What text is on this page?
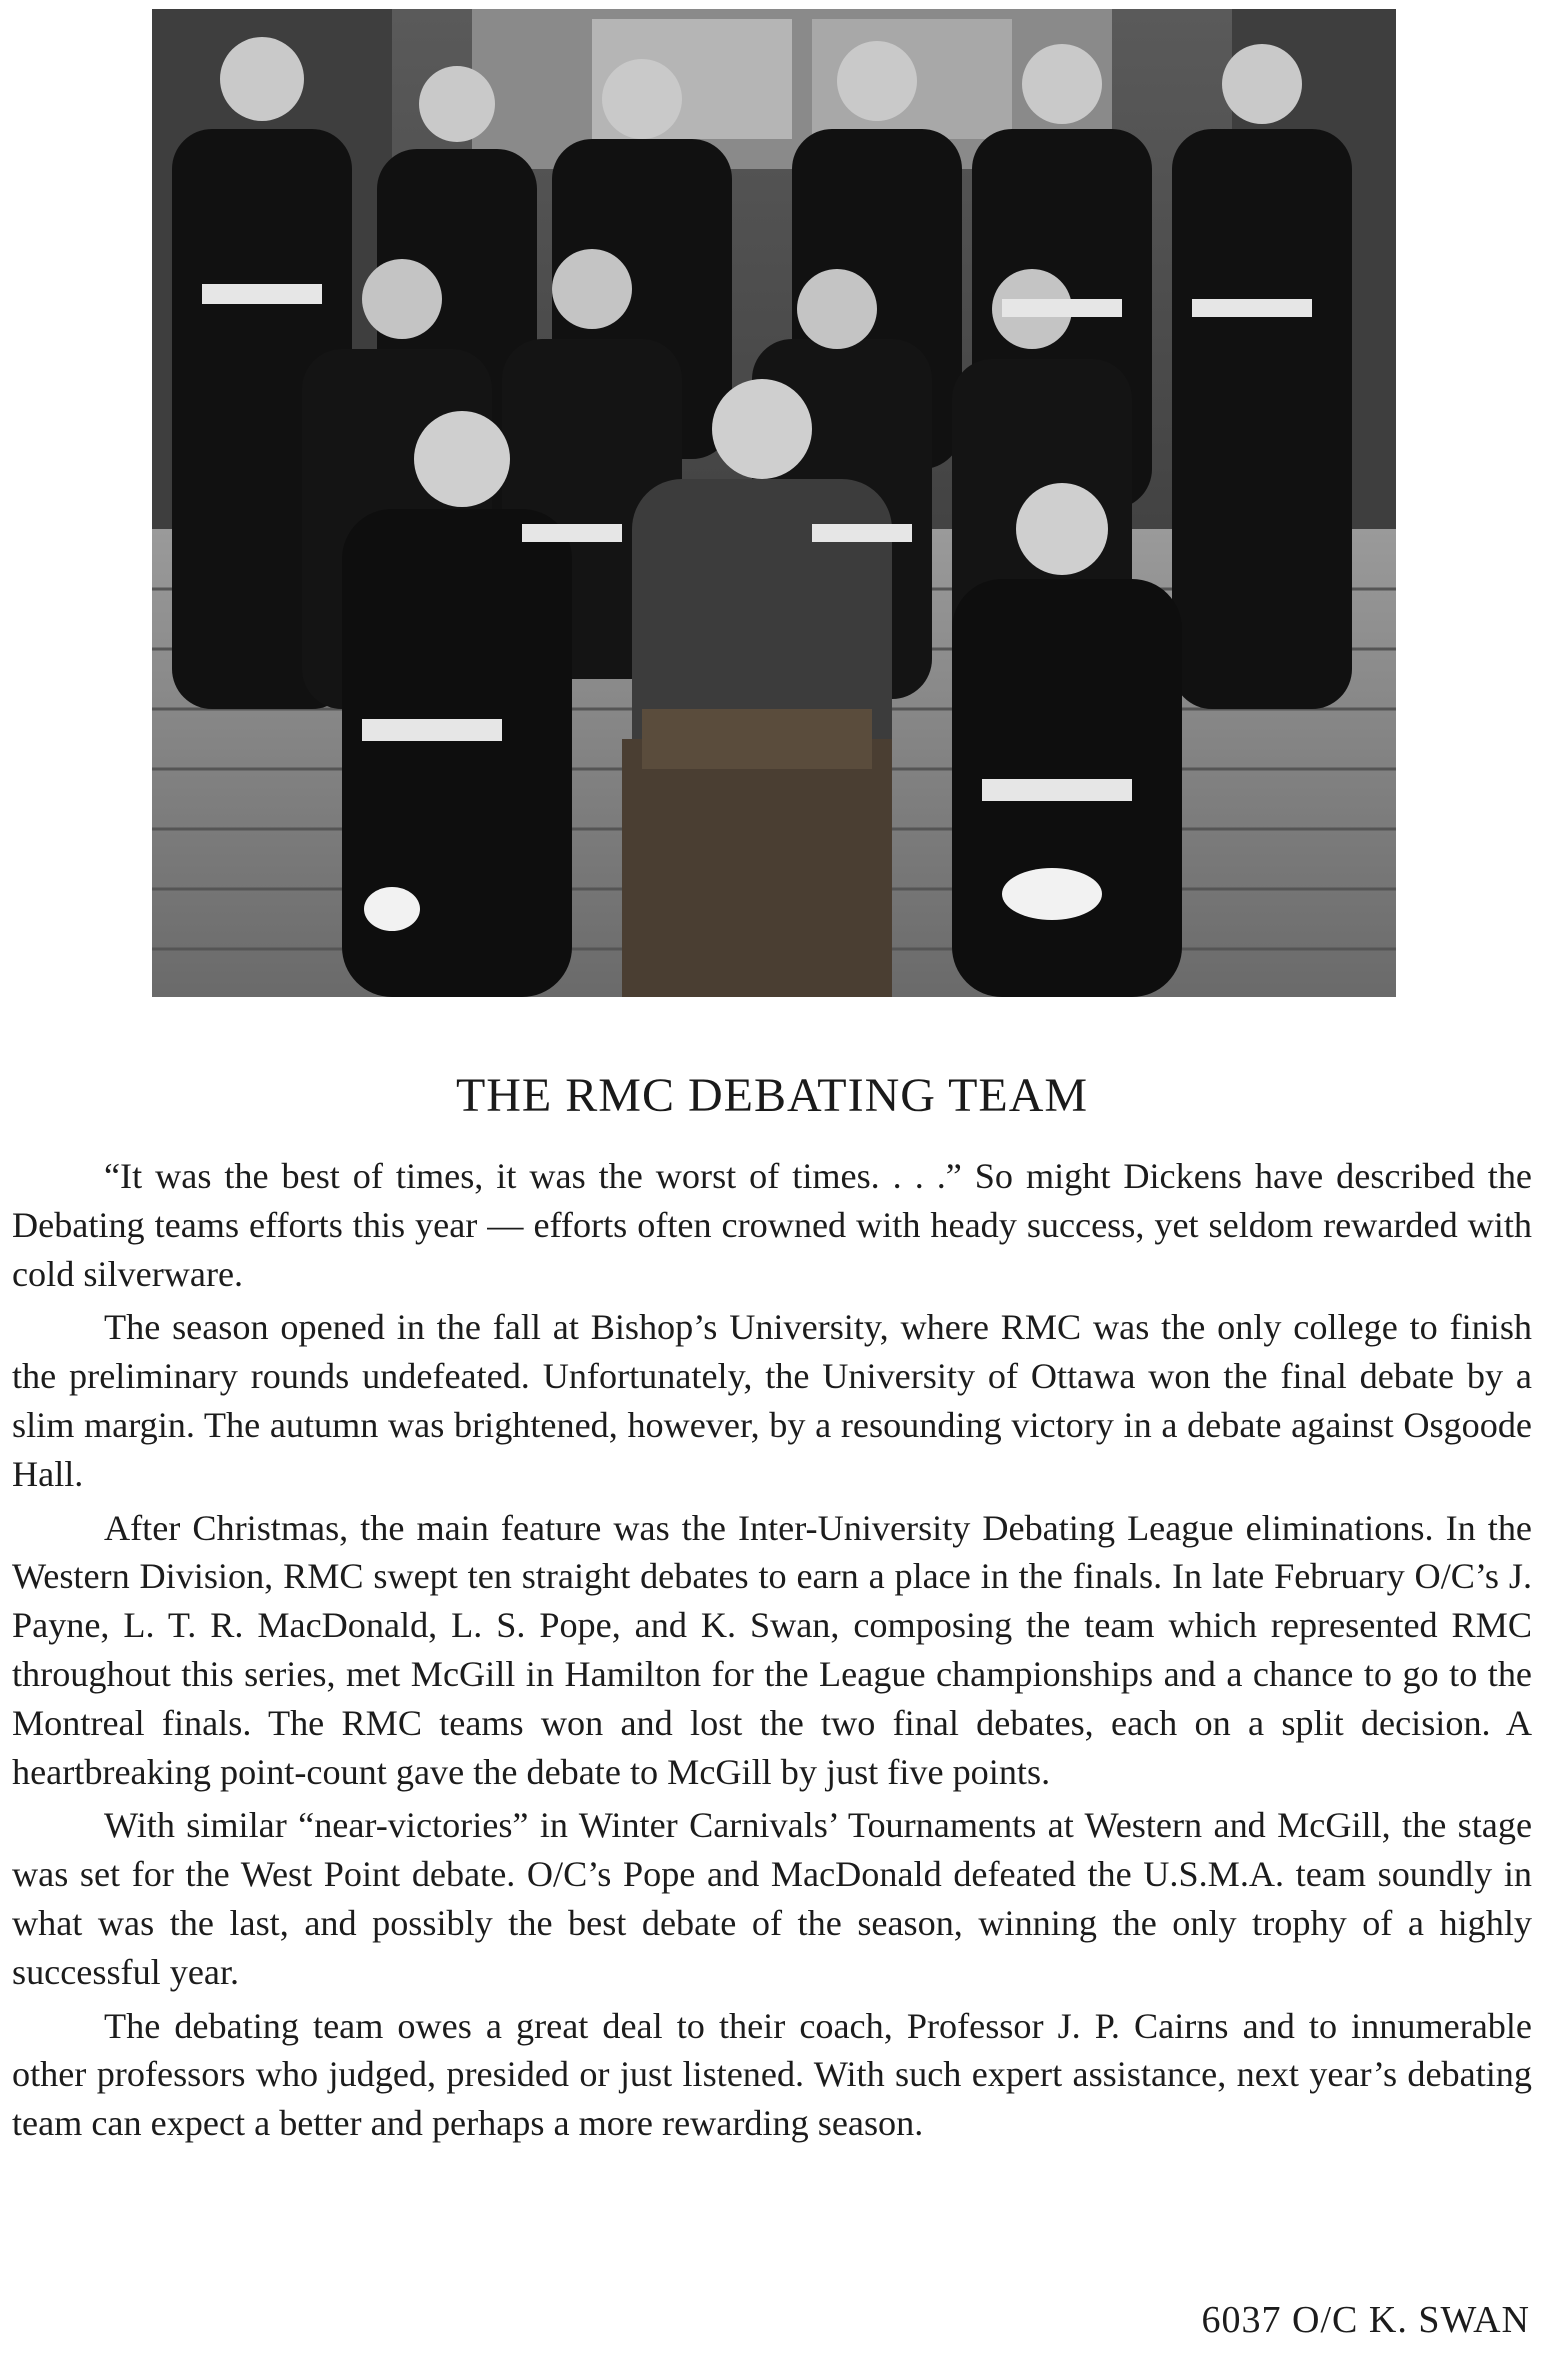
THE RMC DEBATING TEAM

“It was the best of times, it was the worst of times. . . .” So might Dickens have described the Debating teams efforts this year — efforts often crowned with heady success, yet seldom rewarded with cold silverware.

The season opened in the fall at Bishop’s University, where RMC was the only college to finish the preliminary rounds undefeated. Unfortunately, the University of Ottawa won the final debate by a slim margin. The autumn was brightened, however, by a resounding victory in a debate against Osgoode Hall.

After Christmas, the main feature was the Inter-University Debating League eliminations. In the Western Division, RMC swept ten straight debates to earn a place in the finals. In late February O/C’s J. Payne, L. T. R. MacDonald, L. S. Pope, and K. Swan, composing the team which represented RMC throughout this series, met McGill in Hamilton for the League championships and a chance to go to the Montreal finals. The RMC teams won and lost the two final debates, each on a split decision. A heartbreaking point-count gave the debate to McGill by just five points.

With similar “near-victories” in Winter Carnivals’ Tournaments at Western and McGill, the stage was set for the West Point debate. O/C’s Pope and MacDonald defeated the U.S.M.A. team soundly in what was the last, and possibly the best debate of the season, winning the only trophy of a highly successful year.

The debating team owes a great deal to their coach, Professor J. P. Cairns and to innumerable other professors who judged, presided or just listened. With such expert assistance, next year’s debating team can expect a better and perhaps a more rewarding season.

6037 O/C K. SWAN
